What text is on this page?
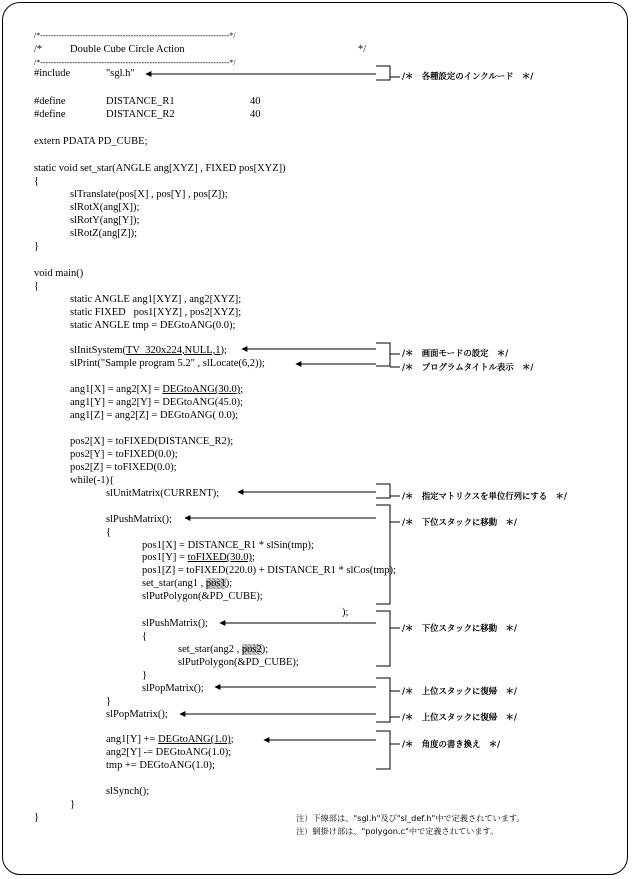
/*-----------------------------------------------------------------------*/
/*	Double Cube Circle Action	*/
/*-----------------------------------------------------------------------*/
#include	"sgl.h"
#define	DISTANCE_R1	40
#define	DISTANCE_R2	40
extern PDATA PD_CUBE;
static void set_star(ANGLE ang[XYZ] , FIXED pos[XYZ])
{
slTranslate(pos[X] , pos[Y] , pos[Z]);
slRotX(ang[X]);
slRotY(ang[Y]);
slRotZ(ang[Z]);
}
void main()
{
static ANGLE ang1[XYZ] , ang2[XYZ];
static FIXED   pos1[XYZ] , pos2[XYZ];
static ANGLE tmp = DEGtoANG(0.0);
slInitSystem(TV_320x224,NULL,1);
slPrint("Sample program 5.2" , slLocate(6,2));
ang1[X] = ang2[X] = DEGtoANG(30.0);
ang1[Y] = ang2[Y] = DEGtoANG(45.0);
ang1[Z] = ang2[Z] = DEGtoANG( 0.0);
pos2[X] = toFIXED(DISTANCE_R2);
pos2[Y] = toFIXED(0.0);
pos2[Z] = toFIXED(0.0);
while(-1){
slUnitMatrix(CURRENT);
slPushMatrix();
{
pos1[X] = DISTANCE_R1 * slSin(tmp);
pos1[Y] = toFIXED(30.0);
pos1[Z] = toFIXED(220.0) + DISTANCE_R1 * slCos(tmp);
set_star(ang1 , pos1);
slPutPolygon(&PD_CUBE);
);
slPushMatrix();
{
set_star(ang2 , pos2);
slPutPolygon(&PD_CUBE);
}
slPopMatrix();
}
slPopMatrix();
ang1[Y] += DEGtoANG(1.0);
ang2[Y] -= DEGtoANG(1.0);
tmp += DEGtoANG(1.0);
slSynch();
}
}
/＊　各種設定のインクルード　＊/
/＊　画面モードの設定　＊/
/＊　プログラムタイトル表示　＊/
/＊　指定マトリクスを単位行列にする　＊/
/＊　下位スタックに移動　＊/
/＊　下位スタックに移動　＊/
/＊　上位スタックに復帰　＊/
/＊　上位スタックに復帰　＊/
/＊　角度の書き換え　＊/
注）下線部は、"sgl.h"及び"sl_def.h"中で定義されています。
注）網掛け部は、"polygon.c"中で定義されています。
